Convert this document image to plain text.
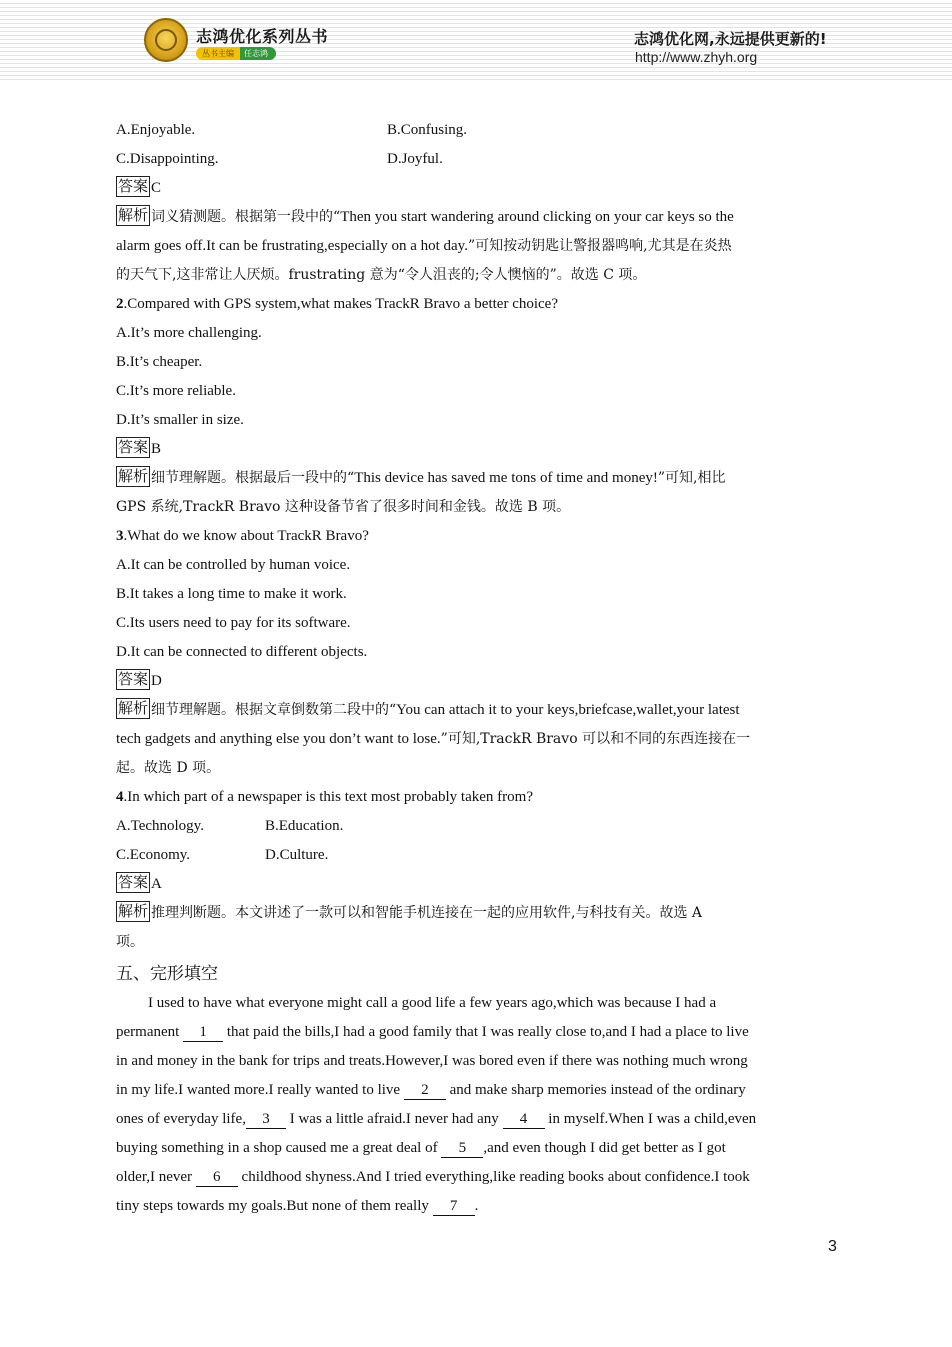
志鸿优化系列丛书
丛书主编	任志鸿
志鸿优化网,永远提供更新的!
http://www.zhyh.org
A.Enjoyable.	B.Confusing.
C.Disappointing.	D.Joyful.
答案 C
解析 词义猜测题。根据第一段中的“Then you start wandering around clicking on your car keys so the
alarm goes off.It can be frustrating,especially on a hot day.”可知按动钥匙让警报器鸣响,尤其是在炎热
的天气下,这非常让人厌烦。frustrating 意为“令人沮丧的;令人懊恼的”。故选 C 项。
2.Compared with GPS system,what makes TrackR Bravo a better choice?
A.It’s more challenging.
B.It’s cheaper.
C.It’s more reliable.
D.It’s smaller in size.
答案 B
解析 细节理解题。根据最后一段中的“This device has saved me tons of time and money!”可知,相比
GPS 系统,TrackR Bravo 这种设备节省了很多时间和金钱。故选 B 项。
3.What do we know about TrackR Bravo?
A.It can be controlled by human voice.
B.It takes a long time to make it work.
C.Its users need to pay for its software.
D.It can be connected to different objects.
答案 D
解析 细节理解题。根据文章倒数第二段中的“You can attach it to your keys,briefcase,wallet,your latest
tech gadgets and anything else you don’t want to lose.”可知,TrackR Bravo 可以和不同的东西连接在一
起。故选 D 项。
4.In which part of a newspaper is this text most probably taken from?
A.Technology.	B.Education.
C.Economy.	D.Culture.
答案 A
解析 推理判断题。本文讲述了一款可以和智能手机连接在一起的应用软件,与科技有关。故选 A
项。
五、完形填空
I used to have what everyone might call a good life a few years ago,which was because I had a
permanent 1 that paid the bills,I had a good family that I was really close to,and I had a place to live
in and money in the bank for trips and treats.However,I was bored even if there was nothing much wrong
in my life.I wanted more.I really wanted to live 2 and make sharp memories instead of the ordinary
ones of everyday life, 3 I was a little afraid.I never had any 4 in myself.When I was a child,even
buying something in a shop caused me a great deal of 5 ,and even though I did get better as I got
older,I never 6 childhood shyness.And I tried everything,like reading books about confidence.I took
tiny steps towards my goals.But none of them really 7 .
3
